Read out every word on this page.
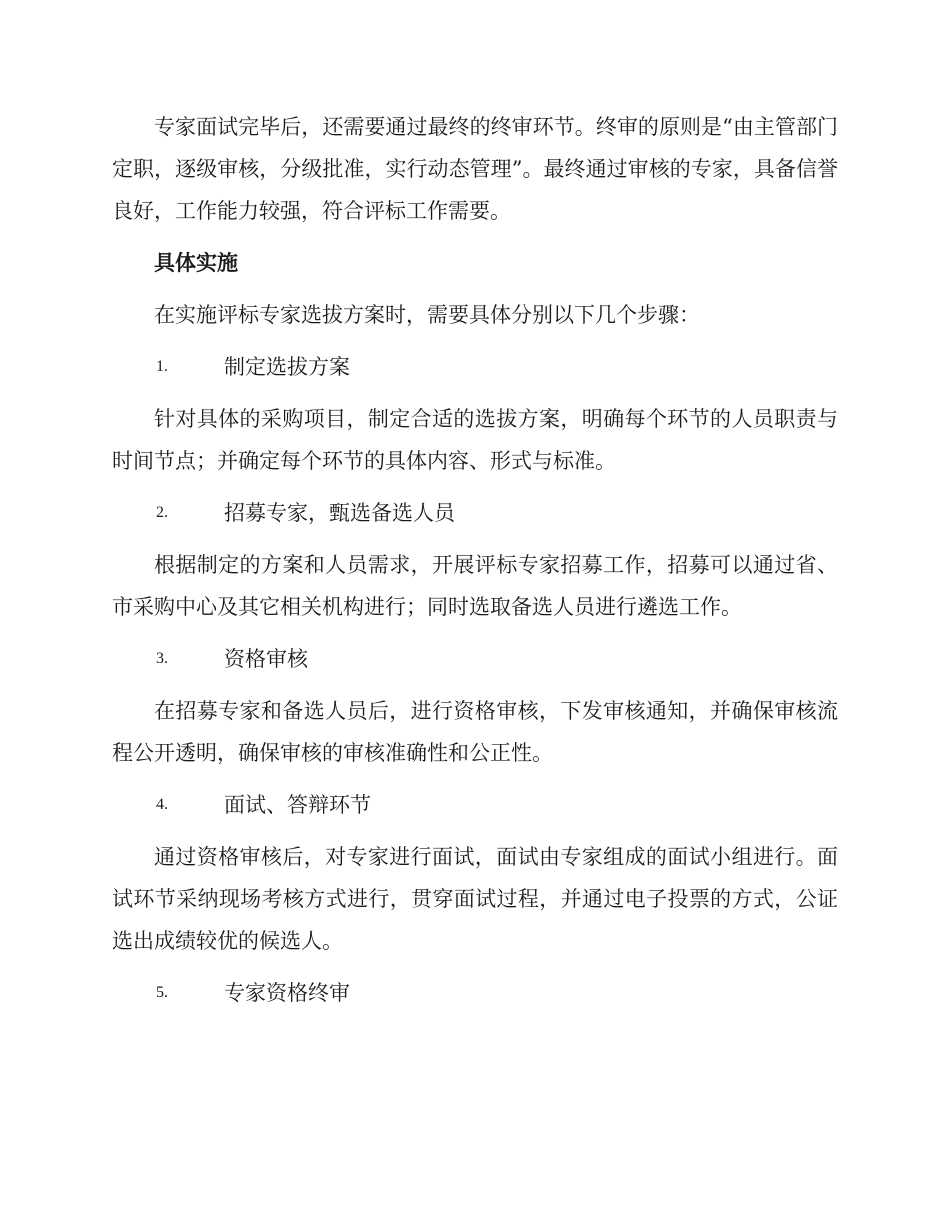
专家面试完毕后，还需要通过最终的终审环节。终审的原则是“由主管部门定职，逐级审核，分级批准，实行动态管理”。最终通过审核的专家，具备信誉良好，工作能力较强，符合评标工作需要。

具体实施

在实施评标专家选拔方案时，需要具体分别以下几个步骤：

1.	制定选拔方案

针对具体的采购项目，制定合适的选拔方案，明确每个环节的人员职责与时间节点；并确定每个环节的具体内容、形式与标准。

2.	招募专家，甄选备选人员

根据制定的方案和人员需求，开展评标专家招募工作，招募可以通过省、市采购中心及其它相关机构进行；同时选取备选人员进行遴选工作。

3.	资格审核

在招募专家和备选人员后，进行资格审核，下发审核通知，并确保审核流程公开透明，确保审核的审核准确性和公正性。

4.	面试、答辩环节

通过资格审核后，对专家进行面试，面试由专家组成的面试小组进行。面试环节采纳现场考核方式进行，贯穿面试过程，并通过电子投票的方式，公证选出成绩较优的候选人。

5.	专家资格终审
